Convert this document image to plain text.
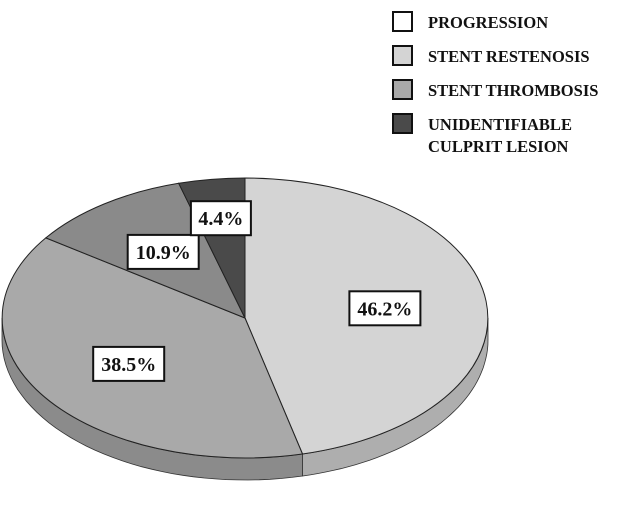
46.2%
38.5%
10.9%
4.4%
PROGRESSION
STENT RESTENOSIS
STENT THROMBOSIS
UNIDENTIFIABLE CULPRIT LESION
